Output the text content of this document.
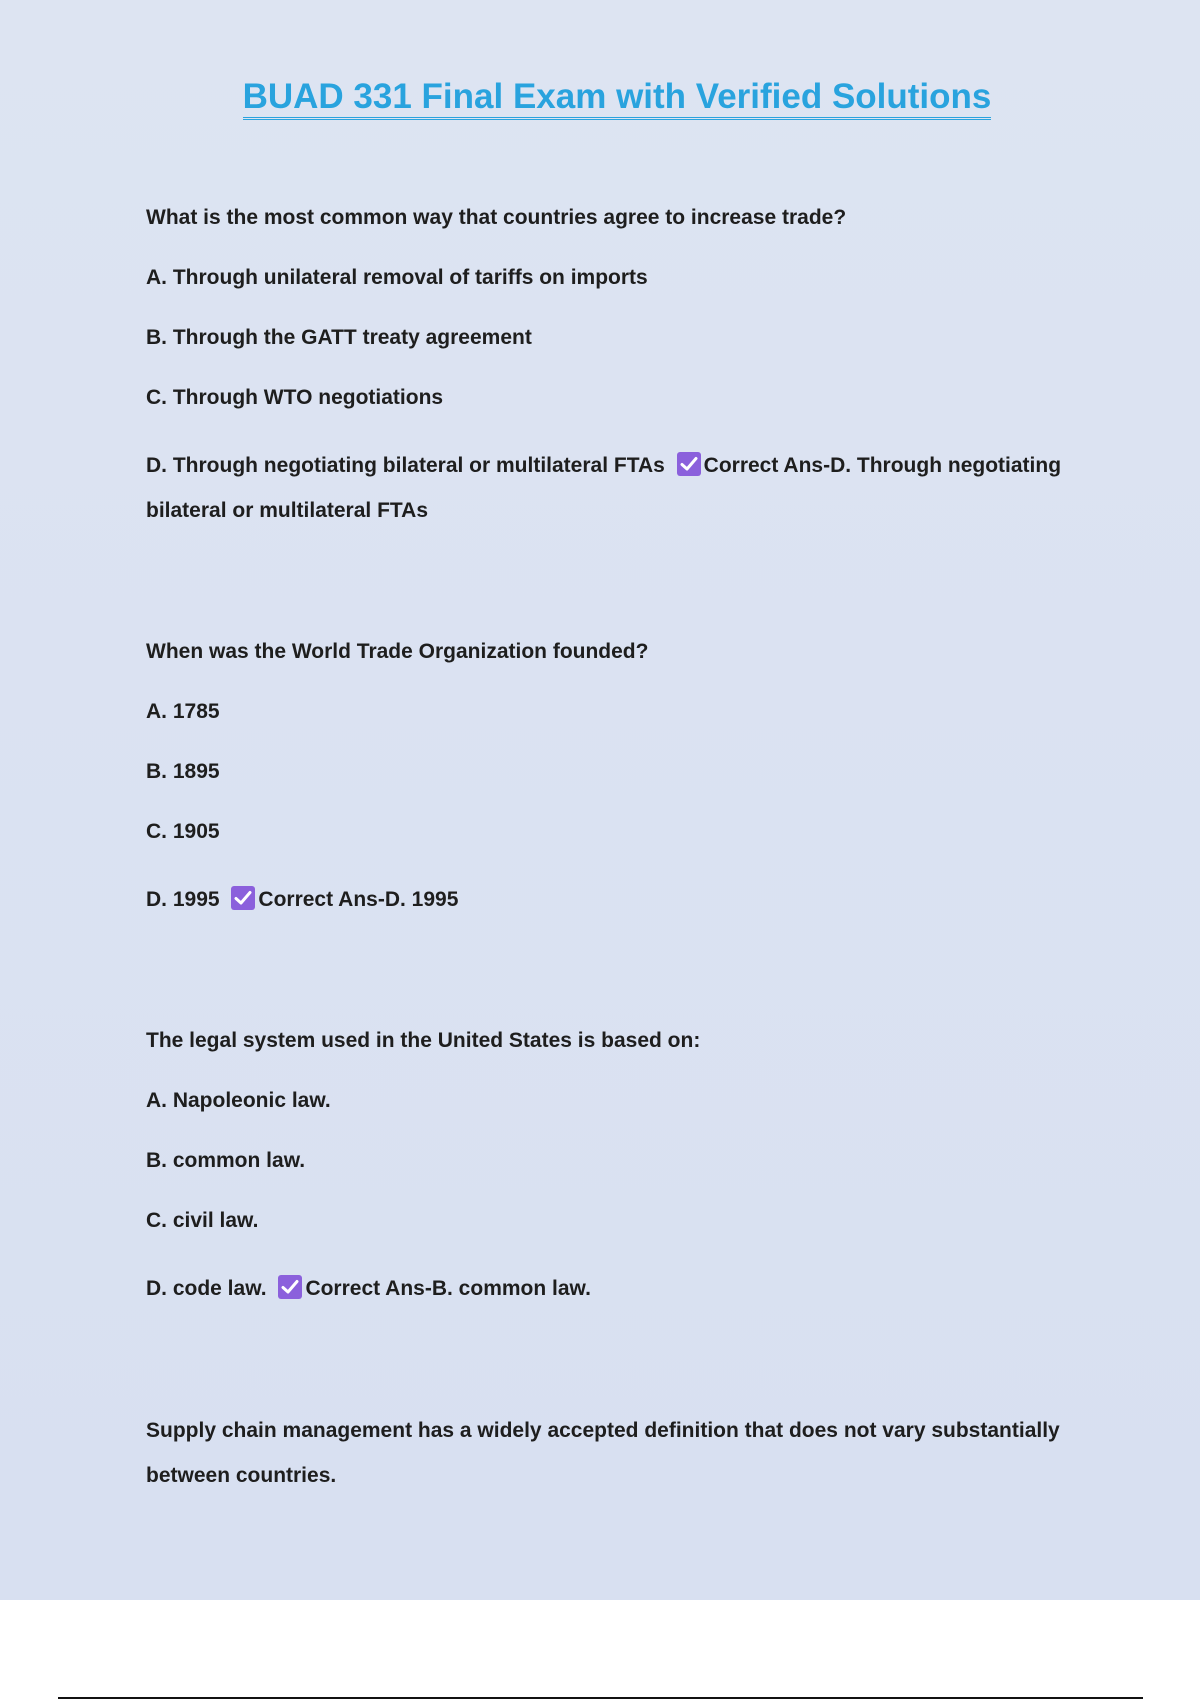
BUAD 331 Final Exam with Verified Solutions
What is the most common way that countries agree to increase trade?
A. Through unilateral removal of tariffs on imports
B. Through the GATT treaty agreement
C. Through WTO negotiations
D. Through negotiating bilateral or multilateral FTAs Correct Ans-D. Through negotiating bilateral or multilateral FTAs
When was the World Trade Organization founded?
A. 1785
B. 1895
C. 1905
D. 1995 Correct Ans-D. 1995
The legal system used in the United States is based on:
A. Napoleonic law.
B. common law.
C. civil law.
D. code law. Correct Ans-B. common law.
Supply chain management has a widely accepted definition that does not vary substantially between countries.
